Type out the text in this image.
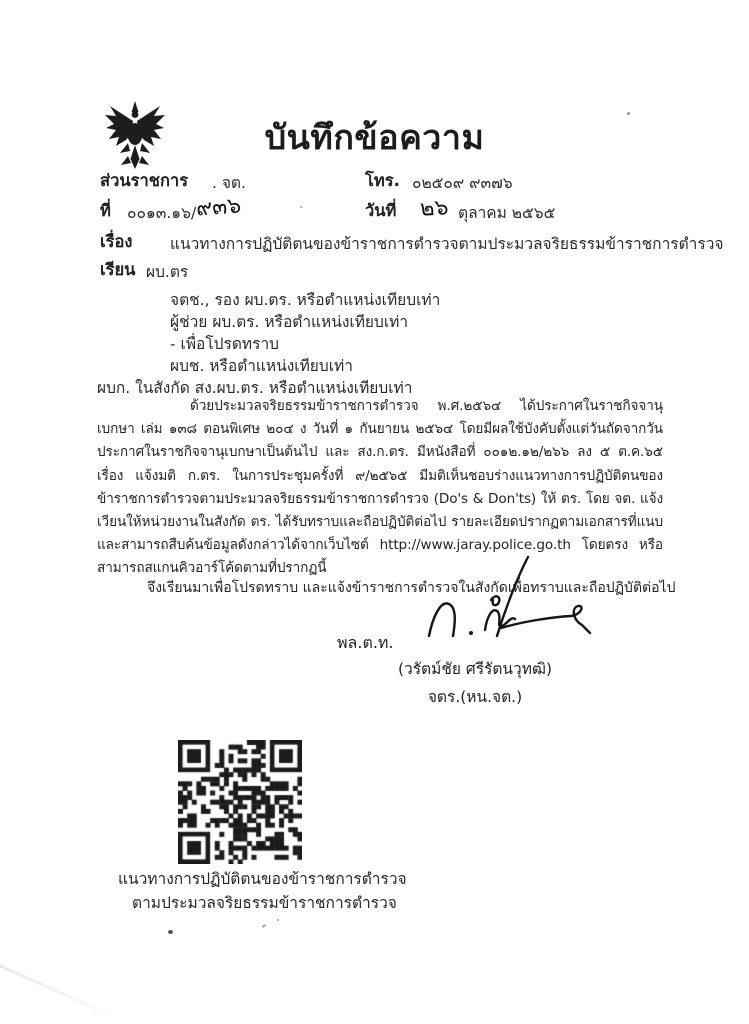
บันทึกข้อความ
ส่วนราชการ . จต.	โทร. ๐๒๕๐๙ ๙๓๗๖
ที่ ๐๐๑๓.๑๖/ ๙๓๖	วันที่ ๒๖ ตุลาคม ๒๕๖๕
เรื่อง แนวทางการปฏิบัติตนของข้าราชการตำรวจตามประมวลจริยธรรมข้าราชการตำรวจ
เรียน ผบ.ตร
จตช., รอง ผบ.ตร. หรือตำแหน่งเทียบเท่า
ผู้ช่วย ผบ.ตร. หรือตำแหน่งเทียบเท่า
- เพื่อโปรดทราบ
ผบช. หรือตำแหน่งเทียบเท่า
ผบก. ในสังกัด สง.ผบ.ตร. หรือตำแหน่งเทียบเท่า
ด้วยประมวลจริยธรรมข้าราชการตำรวจ พ.ศ.๒๕๖๔ ได้ประกาศในราชกิจจานุเบกษา เล่ม ๑๓๘ ตอนพิเศษ ๒๐๔ ง วันที่ ๑ กันยายน ๒๕๖๔ โดยมีผลใช้บังคับตั้งแต่วันถัดจากวันประกาศในราชกิจจานุเบกษาเป็นต้นไป และ สง.ก.ตร. มีหนังสือที่ ๐๐๑๒.๑๒/๒๖๖ ลง ๕ ต.ค.๖๕ เรื่อง แจ้งมติ ก.ตร. ในการประชุมครั้งที่ ๙/๒๕๖๕ มีมติเห็นชอบร่างแนวทางการปฏิบัติตนของข้าราชการตำรวจตามประมวลจริยธรรมข้าราชการตำรวจ (Do's & Don'ts) ให้ ตร. โดย จต. แจ้งเวียนให้หน่วยงานในสังกัด ตร. ได้รับทราบและถือปฏิบัติต่อไป รายละเอียดปรากฏตามเอกสารที่แนบ และสามารถสืบค้นข้อมูลดังกล่าวได้จากเว็บไซต์ http://www.jaray.police.go.th โดยตรง หรือสามารถสแกนคิวอาร์โค้ดตามที่ปรากฏนี้
จึงเรียนมาเพื่อโปรดทราบ และแจ้งข้าราชการตำรวจในสังกัดเพื่อทราบและถือปฏิบัติต่อไป
พล.ต.ท.
(วรัตม์ชัย ศรีรัตนวุทฒิ)
จตร.(หน.จต.)
แนวทางการปฏิบัติตนของข้าราชการตำรวจ
ตามประมวลจริยธรรมข้าราชการตำรวจ
